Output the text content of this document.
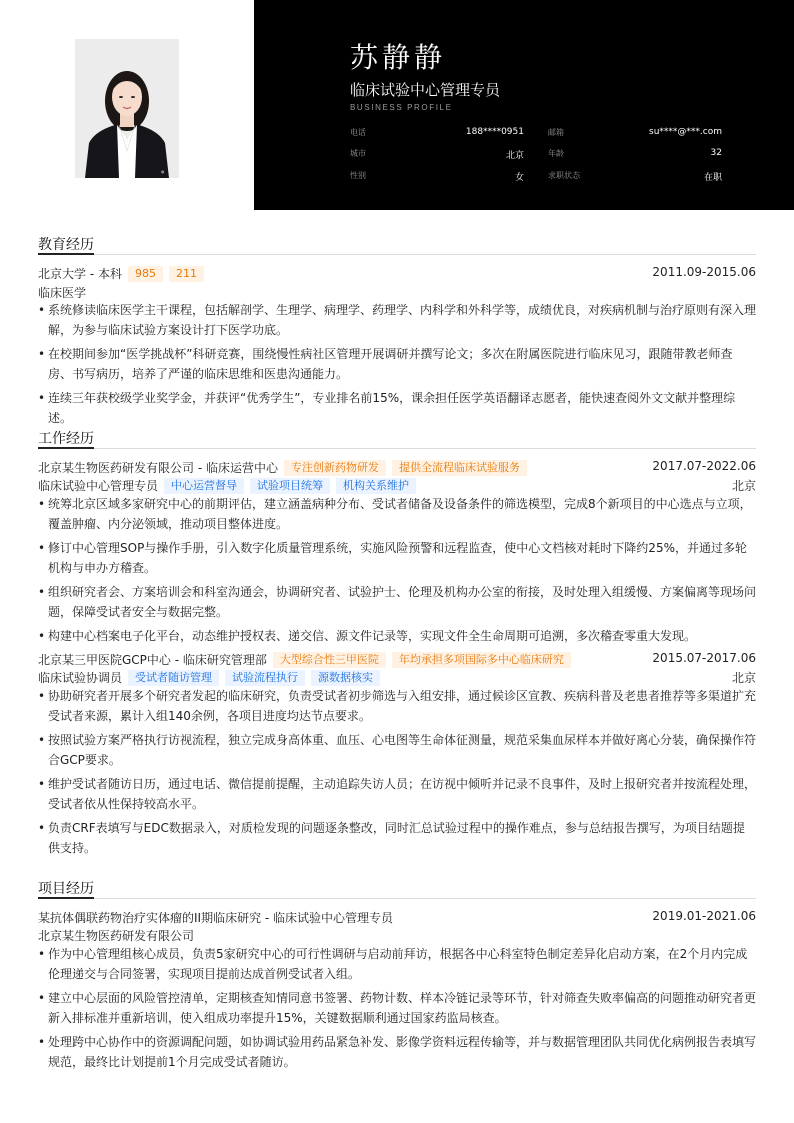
●
苏静静
临床试验中心管理专员
BUSINESS PROFILE
电话	188****0951	邮箱	su****@***.com
城市	北京	年龄	32
性别	女	求职状态	在职
教育经历
北京大学 - 本科	985	211	2011.09-2015.06
临床医学
• 系统修读临床医学主干课程，包括解剖学、生理学、病理学、药理学、内科学和外科学等，成绩优良，对疾病机制与治疗原则有深入理解，为参与临床试验方案设计打下医学功底。
• 在校期间参加“医学挑战杯”科研竞赛，围绕慢性病社区管理开展调研并撰写论文；多次在附属医院进行临床见习，跟随带教老师查房、书写病历，培养了严谨的临床思维和医患沟通能力。
• 连续三年获校级学业奖学金，并获评“优秀学生”，专业排名前15%，课余担任医学英语翻译志愿者，能快速查阅外文文献并整理综述。
工作经历
北京某生物医药研发有限公司 - 临床运营中心	专注创新药物研发	提供全流程临床试验服务	2017.07-2022.06
临床试验中心管理专员	中心运营督导	试验项目统筹	机构关系维护	北京
• 统筹北京区域多家研究中心的前期评估，建立涵盖病种分布、受试者储备及设备条件的筛选模型，完成8个新项目的中心选点与立项，覆盖肿瘤、内分泌领域，推动项目整体进度。
• 修订中心管理SOP与操作手册，引入数字化质量管理系统，实施风险预警和远程监查，使中心文档核对耗时下降约25%，并通过多轮机构与申办方稽查。
• 组织研究者会、方案培训会和科室沟通会，协调研究者、试验护士、伦理及机构办公室的衔接，及时处理入组缓慢、方案偏离等现场问题，保障受试者安全与数据完整。
• 构建中心档案电子化平台，动态维护授权表、递交信、源文件记录等，实现文件全生命周期可追溯，多次稽查零重大发现。
北京某三甲医院GCP中心 - 临床研究管理部	大型综合性三甲医院	年均承担多项国际多中心临床研究	2015.07-2017.06
临床试验协调员	受试者随访管理	试验流程执行	源数据核实	北京
• 协助研究者开展多个研究者发起的临床研究，负责受试者初步筛选与入组安排，通过候诊区宣教、疾病科普及老患者推荐等多渠道扩充受试者来源，累计入组140余例，各项目进度均达节点要求。
• 按照试验方案严格执行访视流程，独立完成身高体重、血压、心电图等生命体征测量，规范采集血尿样本并做好离心分装，确保操作符合GCP要求。
• 维护受试者随访日历，通过电话、微信提前提醒，主动追踪失访人员；在访视中倾听并记录不良事件，及时上报研究者并按流程处理，受试者依从性保持较高水平。
• 负责CRF表填写与EDC数据录入，对质检发现的问题逐条整改，同时汇总试验过程中的操作难点，参与总结报告撰写，为项目结题提供支持。
项目经历
某抗体偶联药物治疗实体瘤的II期临床研究 - 临床试验中心管理专员	2019.01-2021.06
北京某生物医药研发有限公司
• 作为中心管理组核心成员，负责5家研究中心的可行性调研与启动前拜访，根据各中心科室特色制定差异化启动方案，在2个月内完成伦理递交与合同签署，实现项目提前达成首例受试者入组。
• 建立中心层面的风险管控清单，定期核查知情同意书签署、药物计数、样本冷链记录等环节，针对筛查失败率偏高的问题推动研究者更新入排标准并重新培训，使入组成功率提升15%，关键数据顺利通过国家药监局核查。
• 处理跨中心协作中的资源调配问题，如协调试验用药品紧急补发、影像学资料远程传输等，并与数据管理团队共同优化病例报告表填写规范，最终比计划提前1个月完成受试者随访。
